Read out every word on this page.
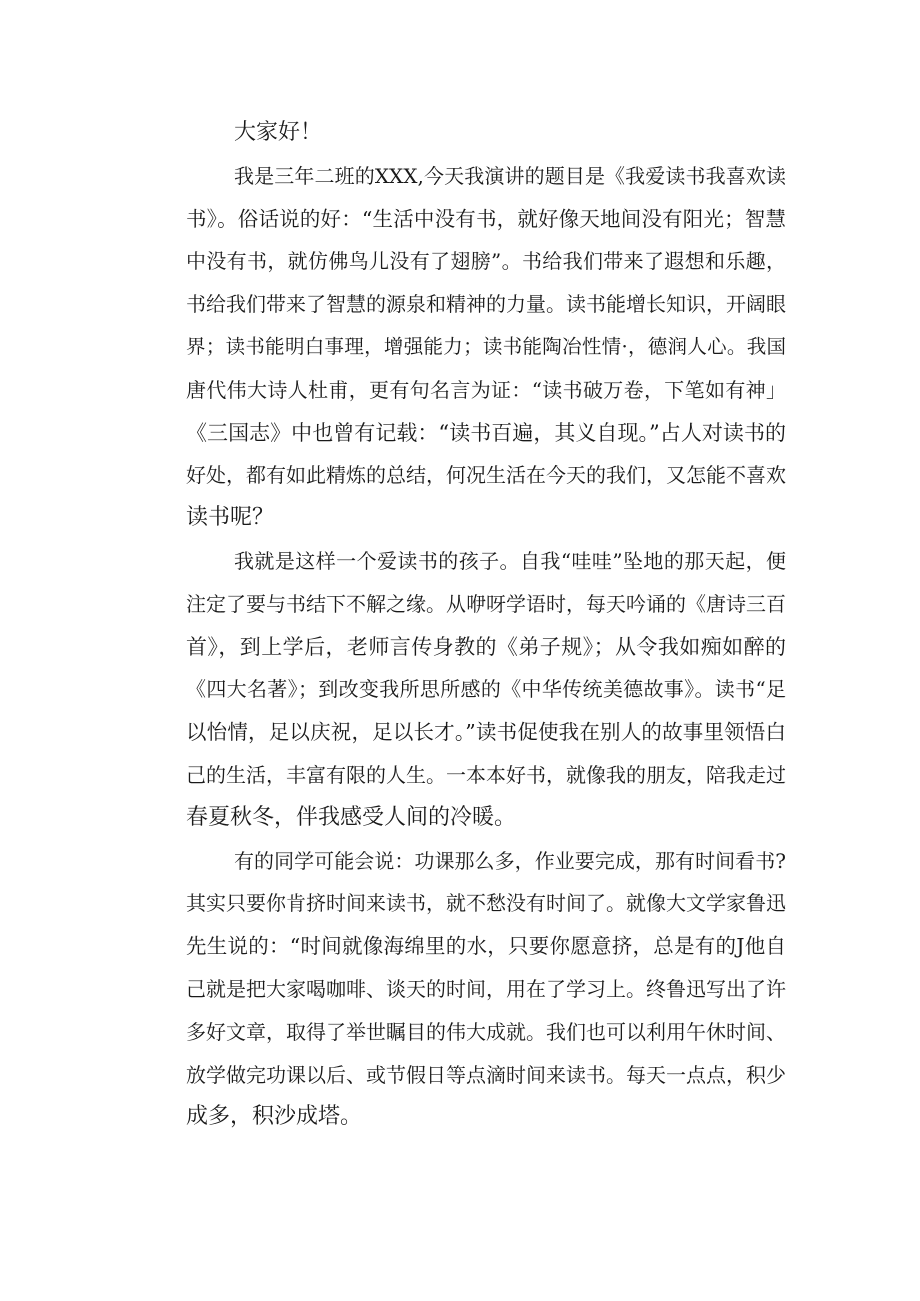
大家好！
我是三年二班的XXX,今天我演讲的题目是《我爱读书我喜欢读
书》。俗话说的好：“生活中没有书，就好像天地间没有阳光；智慧
中没有书，就仿佛鸟儿没有了翅膀”。书给我们带来了遐想和乐趣，
书给我们带来了智慧的源泉和精神的力量。读书能增长知识，开阔眼
界；读书能明白事理，增强能力；读书能陶冶性情·，德润人心。我国
唐代伟大诗人杜甫，更有句名言为证：“读书破万卷，下笔如有神」
《三国志》中也曾有记载：“读书百遍，其义自现。”占人对读书的
好处，都有如此精炼的总结，何况生活在今天的我们，又怎能不喜欢
读书呢？
我就是这样一个爱读书的孩子。自我“哇哇”坠地的那天起，便
注定了要与书结下不解之缘。从咿呀学语时，每天吟诵的《唐诗三百
首》，到上学后，老师言传身教的《弟子规》；从令我如痴如醉的
《四大名著》；到改变我所思所感的《中华传统美德故事》。读书“足
以怡情，足以庆祝，足以长才。”读书促使我在别人的故事里领悟白
己的生活，丰富有限的人生。一本本好书，就像我的朋友，陪我走过
春夏秋冬，伴我感受人间的冷暖。
有的同学可能会说：功课那么多，作业要完成，那有时间看书?
其实只要你肯挤时间来读书，就不愁没有时间了。就像大文学家鲁迅
先生说的：“时间就像海绵里的水，只要你愿意挤，总是有的J他自
己就是把大家喝咖啡、谈天的时间，用在了学习上。终鲁迅写出了许
多好文章，取得了举世瞩目的伟大成就。我们也可以利用午休时间、
放学做完功课以后、或节假日等点滴时间来读书。每天一点点，积少
成多，积沙成塔。
